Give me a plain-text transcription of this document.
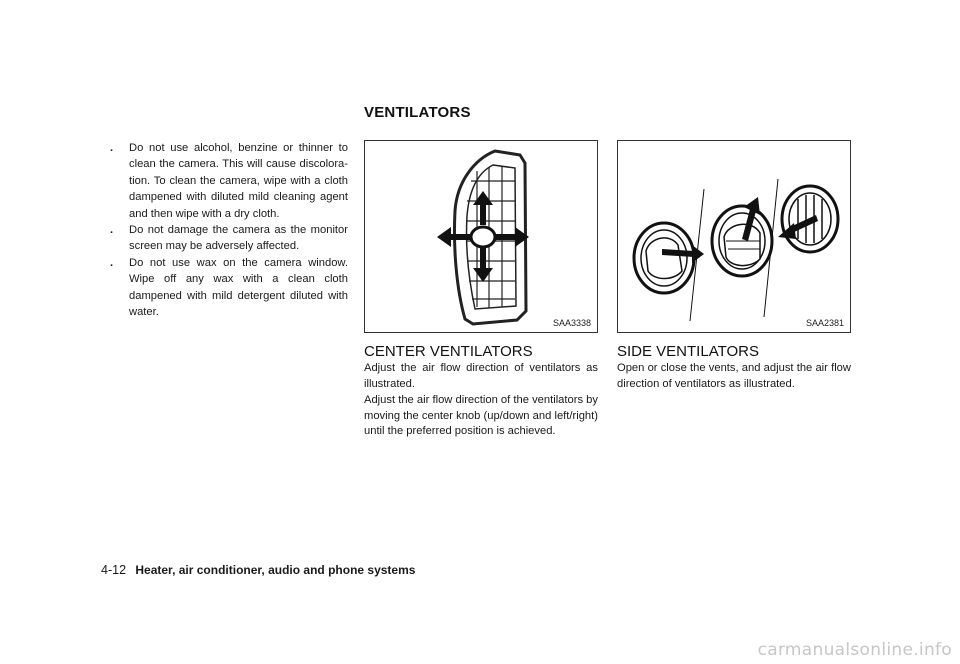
VENTILATORS
. Do not use alcohol, benzine or thinner to clean the camera. This will cause discolora-tion. To clean the camera, wipe with a cloth dampened with diluted mild cleaning agent and then wipe with a dry cloth.
. Do not damage the camera as the monitor screen may be adversely affected.
. Do not use wax on the camera window. Wipe off any wax with a clean cloth dampened with mild detergent diluted with water.
SAA3338	SAA2381
CENTER VENTILATORS

Adjust the air flow direction of ventilators as illustrated.

Adjust the air flow direction of the ventilators by moving the center knob (up/down and left/right) until the preferred position is achieved.

SIDE VENTILATORS

Open or close the vents, and adjust the air flow direction of ventilators as illustrated.

4-12 Heater, air conditioner, audio and phone systems
carmanualsonline.info
